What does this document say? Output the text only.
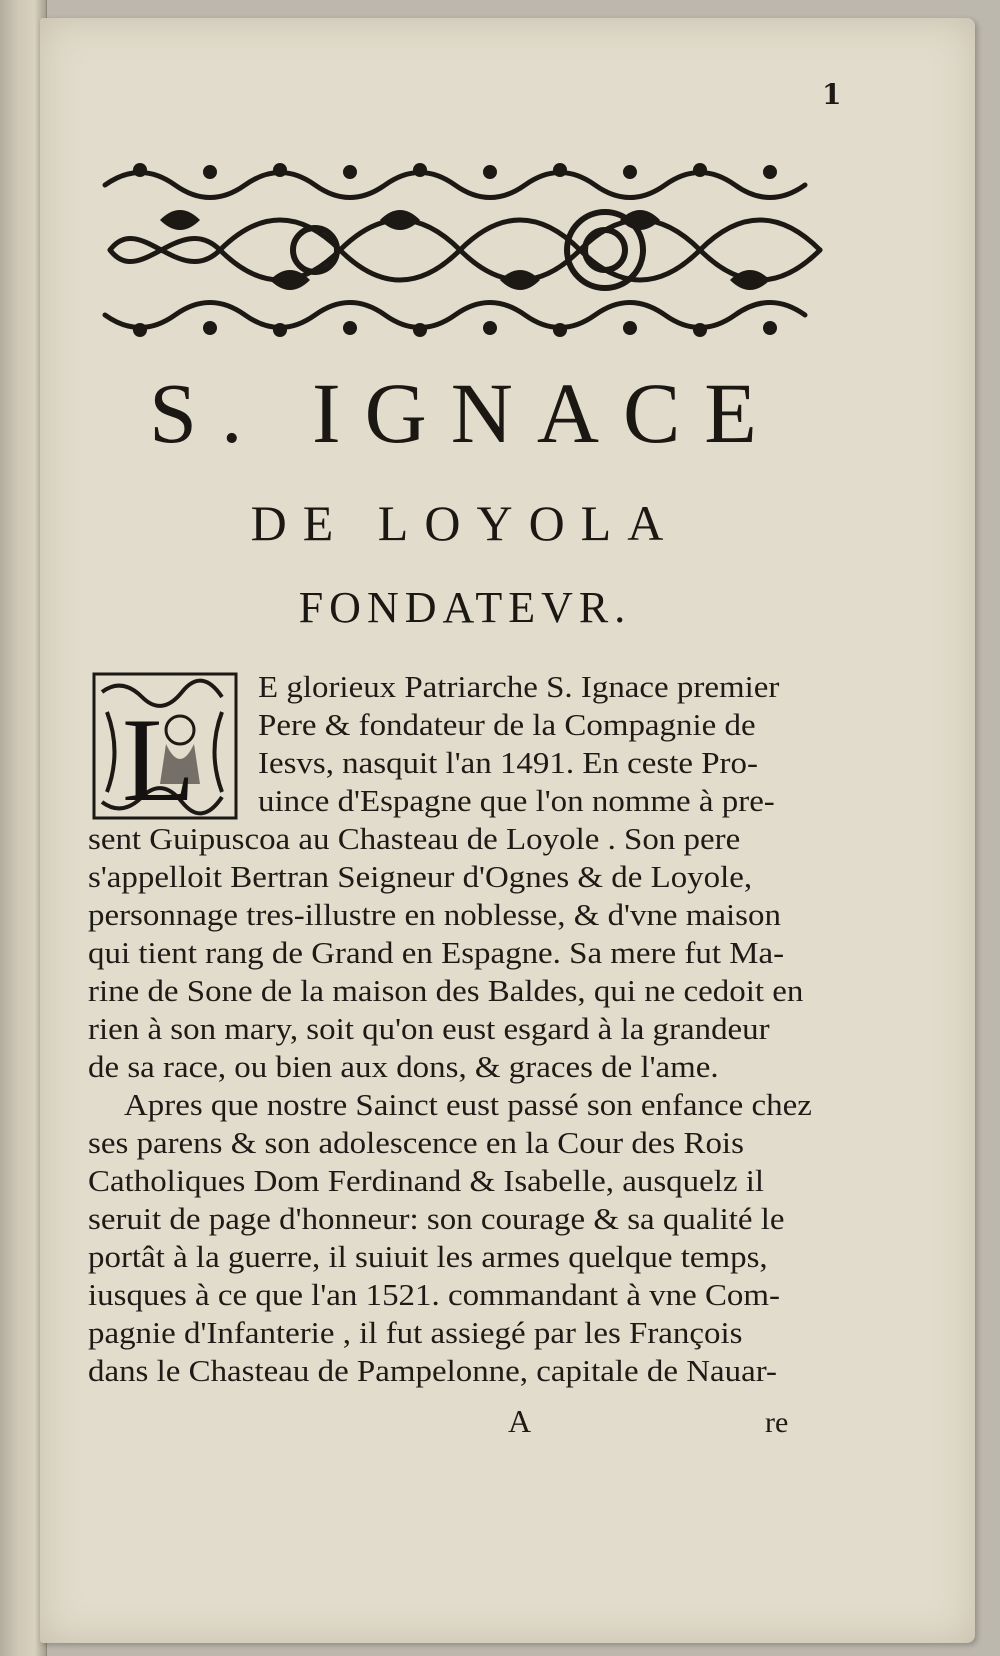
1
S. IGNACE
DE LOYOLA
FONDATEVR.
L

E glorieux Patriarche S. Ignace premier

Pere & fondateur de la Compagnie de

Iesvs, nasquit l'an 1491. En ceste Pro-

uince d'Espagne que l'on nomme à pre-

sent Guipuscoa au Chasteau de Loyole . Son pere

s'appelloit Bertran Seigneur d'Ognes & de Loyole,

personnage tres-illustre en noblesse, & d'vne maison

qui tient rang de Grand en Espagne. Sa mere fut Ma-

rine de Sone de la maison des Baldes, qui ne cedoit en

rien à son mary, soit qu'on eust esgard à la grandeur

de sa race, ou bien aux dons, & graces de l'ame.

Apres que nostre Sainct eust passé son enfance chez

ses parens & son adolescence en la Cour des Rois

Catholiques Dom Ferdinand & Isabelle, ausquelz il

seruit de page d'honneur: son courage & sa qualité le

portât à la guerre, il suiuit les armes quelque temps,

iusques à ce que l'an 1521. commandant à vne Com-

pagnie d'Infanterie , il fut assiegé par les François

dans le Chasteau de Pampelonne, capitale de Nauar-

A	re
